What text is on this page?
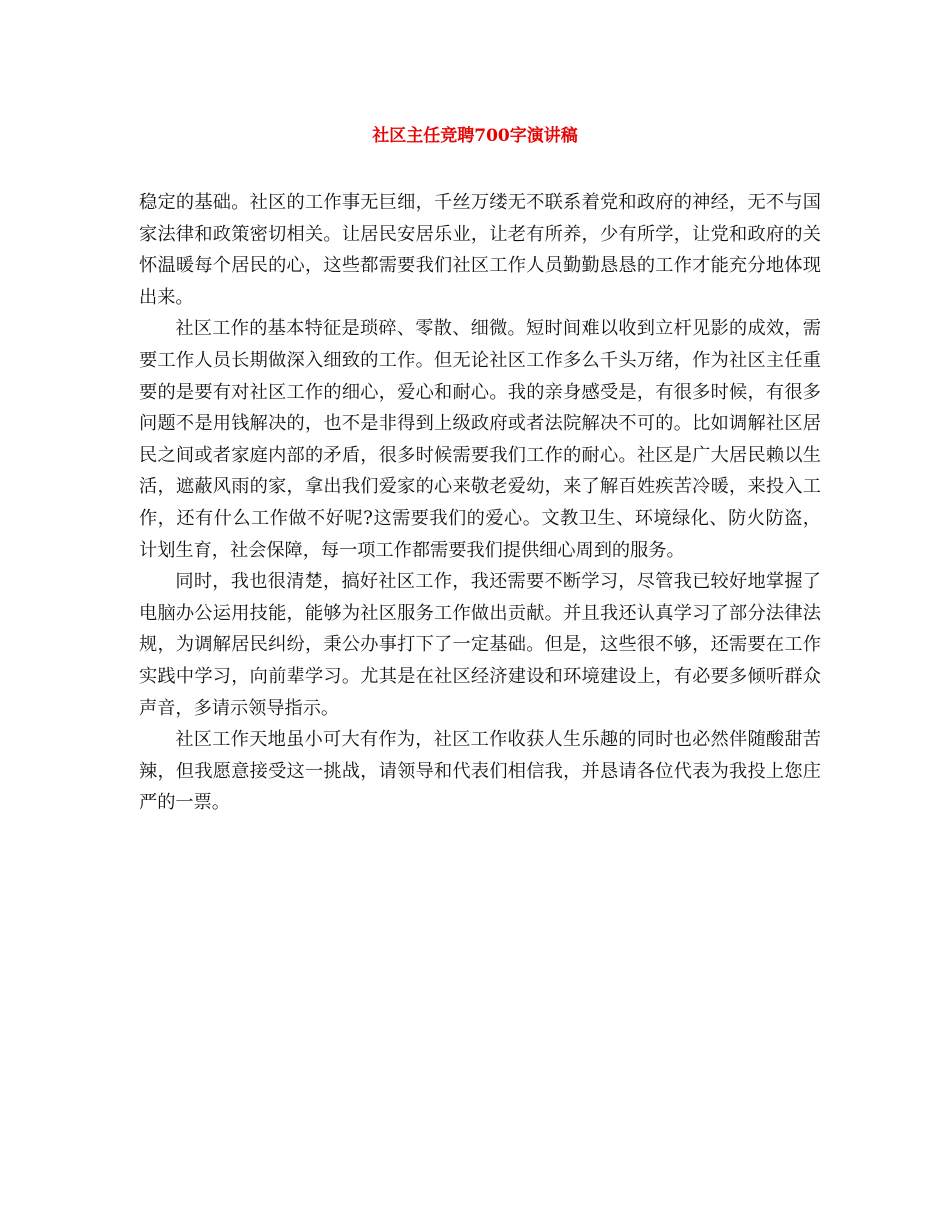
社区主任竞聘700字演讲稿

稳定的基础。社区的工作事无巨细，千丝万缕无不联系着党和政府的神经，无不与国家法律和政策密切相关。让居民安居乐业，让老有所养，少有所学，让党和政府的关怀温暖每个居民的心，这些都需要我们社区工作人员勤勤恳恳的工作才能充分地体现出来。

社区工作的基本特征是琐碎、零散、细微。短时间难以收到立杆见影的成效，需要工作人员长期做深入细致的工作。但无论社区工作多么千头万绪，作为社区主任重要的是要有对社区工作的细心，爱心和耐心。我的亲身感受是，有很多时候，有很多问题不是用钱解决的，也不是非得到上级政府或者法院解决不可的。比如调解社区居民之间或者家庭内部的矛盾，很多时候需要我们工作的耐心。社区是广大居民赖以生活，遮蔽风雨的家，拿出我们爱家的心来敬老爱幼，来了解百姓疾苦冷暖，来投入工作，还有什么工作做不好呢?这需要我们的爱心。文教卫生、环境绿化、防火防盗，计划生育，社会保障，每一项工作都需要我们提供细心周到的服务。

同时，我也很清楚，搞好社区工作，我还需要不断学习，尽管我已较好地掌握了电脑办公运用技能，能够为社区服务工作做出贡献。并且我还认真学习了部分法律法规，为调解居民纠纷，秉公办事打下了一定基础。但是，这些很不够，还需要在工作实践中学习，向前辈学习。尤其是在社区经济建设和环境建设上，有必要多倾听群众声音，多请示领导指示。

社区工作天地虽小可大有作为，社区工作收获人生乐趣的同时也必然伴随酸甜苦辣，但我愿意接受这一挑战，请领导和代表们相信我，并恳请各位代表为我投上您庄严的一票。
